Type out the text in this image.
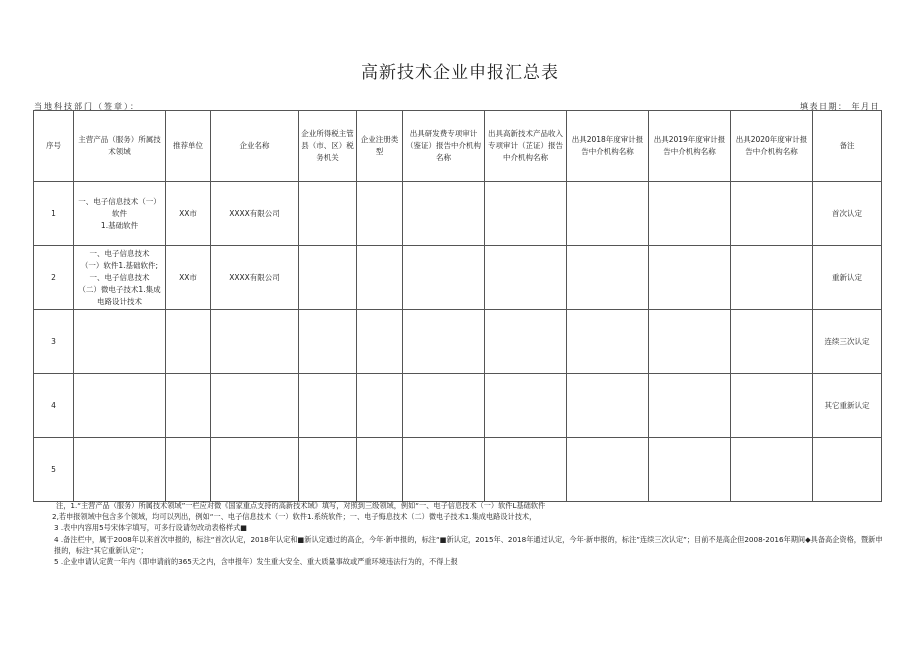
高新技术企业申报汇总表
当地科技部门（签章）：	填表日期： 年月日
序号	主营产品（服务）所属技术领域	推荐单位	企业名称	企业所得税主管县（市、区）税务机关	企业注册类型	出具研发费专项审计（鉴证）报告中介机构名称	出具高新技术产品收入专项审计（芷证）报告中介机构名称	出具2018年度审计报告中介机构名称	出具2019年度审计报告中介机构名称	出具2020年度审计报告中介机构名称	备注
1	一、电子信息技术（一）软件
1.基础软件	XX市	XXXX有限公司								首次认定
2	一、电子信息技术
（一）软件1.基础软件;
一、电子信息技术
（二）微电子技术1.集成
电路设计技术	XX市	XXXX有限公司								重新认定
3											连续三次认定
4											其它重新认定
5											
注，1.“主营产品（服务）所属技术领域”一栏应对微《国家重点支持的高新技术域》填写，对照到三级领域，例如“一、电子信息技术（一）软件L基础软件
2,若申报领域中包含多个领域，均可以列出，例如“一、电子信息技术（一）软件1.系统软件；一、电子悔息技术（二）微电子技术1.集成电路设计技术，
3 .表中内容用5号宋体字填写，可多行设请勿改动表格样式■
4 .备注栏中，属于2008年以来首次申报的，标注“首次认定，2018年认定和■新认定通过的高企，今年·新申报的，标注“■新认定，2015年、2018年通过认定，今年·新申报的，标注”连续三次认定”；目前不是高企但2008-2016年期间◆具备高企资格，暨新申报的，标注“其它重新认定”；
5 .企业申请认定黄一年内（即申请前的365天之内，含申报年）发生重大安全、重大质量事故或严重环境违法行为的，不得上报
